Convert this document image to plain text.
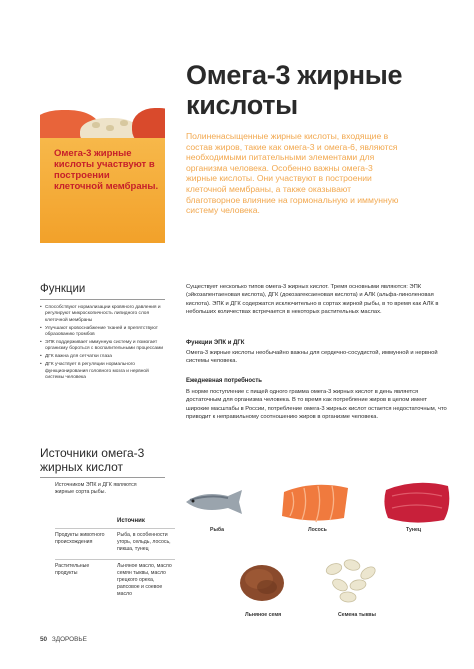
Омега-3 жирные кислоты участвуют в построении клеточной мембраны.
Омега-3 жирные
кислоты
Полиненасыщенные жирные кислоты, входящие в состав жиров, такие как омега-3 и омега-6, являются необходимыми питательными элементами для организма человека. Особенно важны омега-3 жирные кислоты. Они участвуют в построении клеточной мембраны, а также оказывают благотворное влияние на гормональную и иммунную систему человека.
Функции
• Способствуют нормализации кровяного давления и регулируют микроскопичность липидного слоя клеточной мембраны
• Улучшают кровоснабжение тканей и препятствуют образованию тромбов
• ЭПК поддерживает иммунную систему и помогает организму бороться с воспалительными процессами
• ДГК важна для сетчатки глаза
• ДГК участвует в регуляции нормального функционирования головного мозга и нервной системы человека
Источники омега-3
жирных кислот
Источником ЭПК и ДГК являются жирные сорта рыбы.
	Источник
Продукты животного происхождения	Рыба, в особенности угорь, сельдь, лосось, пикша, тунец
Растительные продукты	Льняное масло, масло семян тыквы, масло грецкого ореха, рапсовое и соевое масло
Существует несколько типов омега-3 жирных кислот. Тремя основными являются: ЭПК (эйкозапентаеновая кислота), ДГК (докозагексаеновая кислота) и АЛК (альфа-линоленовая кислота). ЭПК и ДГК содержатся исключительно в сортах жирной рыбы, в то время как АЛК в небольших количествах встречается в некоторых растительных маслах.
Функции ЭПК и ДГК
Омега-3 жирные кислоты необычайно важны для сердечно-сосудистой, иммунной и нервной системы человека.
Ежедневная потребность
В норме поступление с пищей одного грамма омега-3 жирных кислот в день является достаточным для организма человека. В то время как потребление жиров в целом имеет широкие масштабы в России, потребление омега-3 жирных кислот остается недостаточным, что приводит к неправильному соотношению жиров в организме человека.
Рыба	Лосось	Тунец
Льняное семя	Семена тыквы
50 ЗДОРОВЬЕ
